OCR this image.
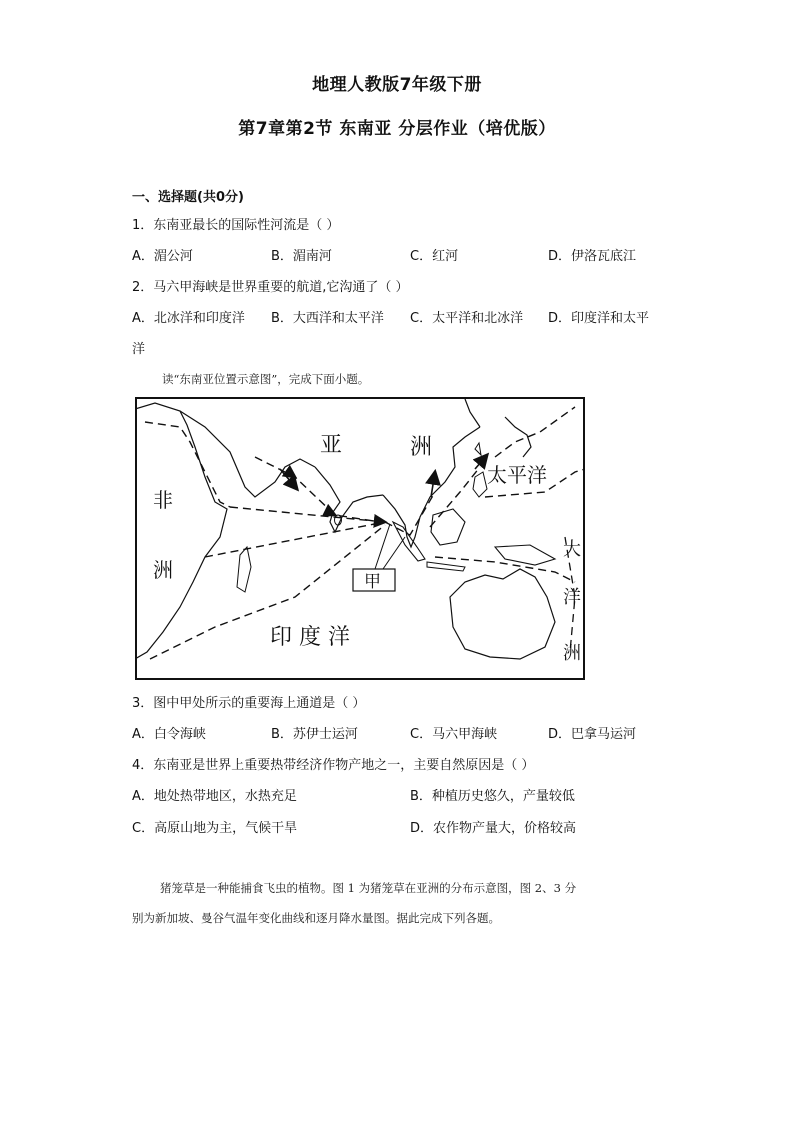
地理人教版7年级下册
第7章第2节 东南亚 分层作业（培优版）
一、选择题(共0分)
1．东南亚最长的国际性河流是（ ）
A．湄公河	B．湄南河	C．红河	D．伊洛瓦底江
2．马六甲海峡是世界重要的航道,它沟通了（ ）
A．北冰洋和印度洋 B．大西洋和太平洋 C．太平洋和北冰洋 D．印度洋和太平
洋
读“东南亚位置示意图”，完成下面小题。
亚	洲
非
洲
印 度 洋
太平洋
大
洋
洲
甲
3．图中甲处所示的重要海上通道是（ ）
A．白令海峡	B．苏伊士运河	C．马六甲海峡	D．巴拿马运河
4．东南亚是世界上重要热带经济作物产地之一，主要自然原因是（ ）
A．地处热带地区，水热充足	B．种植历史悠久，产量较低
C．高原山地为主，气候干旱	D．农作物产量大，价格较高
猪笼草是一种能捕食飞虫的植物。图 1 为猪笼草在亚洲的分布示意图，图 2、3 分
别为新加坡、曼谷气温年变化曲线和逐月降水量图。据此完成下列各题。
